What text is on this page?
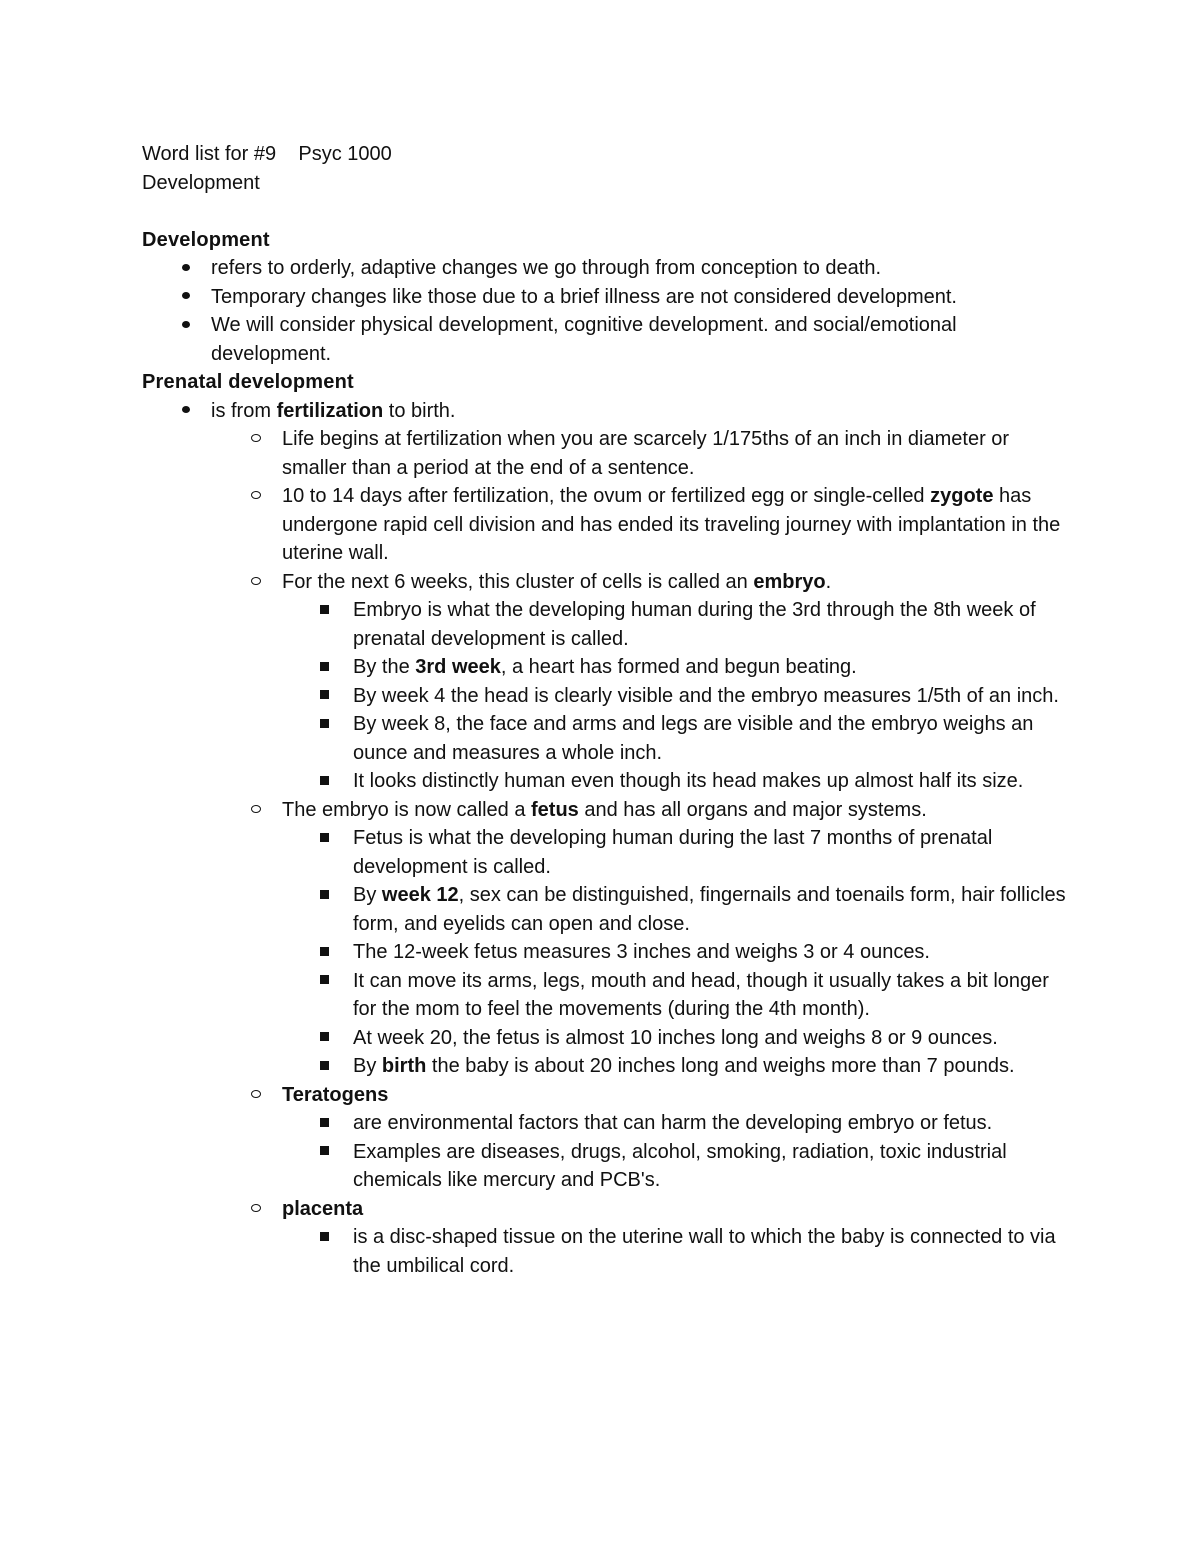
Word list for #9 Psyc 1000
Development
Development
refers to orderly, adaptive changes we go through from conception to death.
Temporary changes like those due to a brief illness are not considered development.
We will consider physical development, cognitive development. and social/emotional development.
Prenatal development
is from fertilization to birth.
Life begins at fertilization when you are scarcely 1/175ths of an inch in diameter or smaller than a period at the end of a sentence.
10 to 14 days after fertilization, the ovum or fertilized egg or single-celled zygote has undergone rapid cell division and has ended its traveling journey with implantation in the uterine wall.
For the next 6 weeks, this cluster of cells is called an embryo.
Embryo is what the developing human during the 3rd through the 8th week of prenatal development is called.
By the 3rd week, a heart has formed and begun beating.
By week 4 the head is clearly visible and the embryo measures 1/5th of an inch.
By week 8, the face and arms and legs are visible and the embryo weighs an ounce and measures a whole inch.
It looks distinctly human even though its head makes up almost half its size.
The embryo is now called a fetus and has all organs and major systems.
Fetus is what the developing human during the last 7 months of prenatal development is called.
By week 12, sex can be distinguished, fingernails and toenails form, hair follicles form, and eyelids can open and close.
The 12-week fetus measures 3 inches and weighs 3 or 4 ounces.
It can move its arms, legs, mouth and head, though it usually takes a bit longer for the mom to feel the movements (during the 4th month).
At week 20, the fetus is almost 10 inches long and weighs 8 or 9 ounces.
By birth the baby is about 20 inches long and weighs more than 7 pounds.
Teratogens
are environmental factors that can harm the developing embryo or fetus.
Examples are diseases, drugs, alcohol, smoking, radiation, toxic industrial chemicals like mercury and PCB's.
placenta
is a disc-shaped tissue on the uterine wall to which the baby is connected to via the umbilical cord.
